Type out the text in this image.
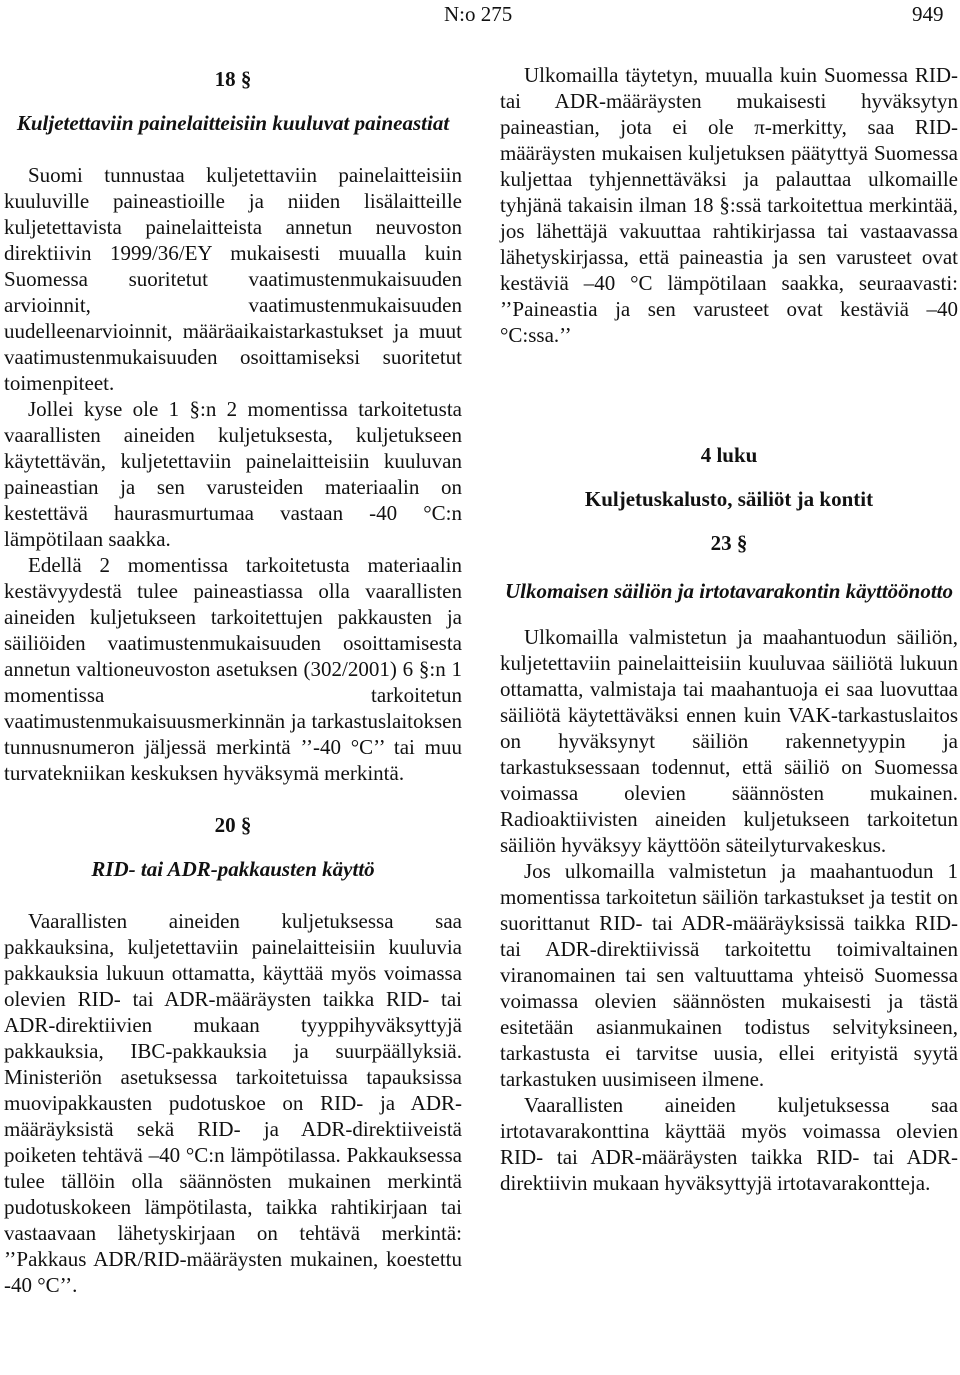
N:o 275	949
18 §
Kuljetettaviin painelaitteisiin kuuluvat paineastiat

Suomi tunnustaa kuljetettaviin painelaitteisiin kuuluville paineastioille ja niiden lisälaitteille kuljetettavista painelaitteista annetun neuvoston direktiivin 1999/36/EY mukaisesti muualla kuin Suomessa suoritetut vaatimustenmukaisuuden arvioinnit, vaatimustenmukaisuuden uudelleenarvioinnit, määräaikaistarkastukset ja muut vaatimustenmukaisuuden osoittamiseksi suoritetut toimenpiteet.

Jollei kyse ole 1 §:n 2 momentissa tarkoitetusta vaarallisten aineiden kuljetuksesta, kuljetukseen käytettävän, kuljetettaviin painelaitteisiin kuuluvan paineastian ja sen varusteiden materiaalin on kestettävä haurasmurtumaa vastaan -40 °C:n lämpötilaan saakka.

Edellä 2 momentissa tarkoitetusta materiaalin kestävyydestä tulee paineastiassa olla vaarallisten aineiden kuljetukseen tarkoitettujen pakkausten ja säiliöiden vaatimustenmukaisuuden osoittamisesta annetun valtioneuvoston asetuksen (302/2001) 6 §:n 1 momentissa tarkoitetun vaatimustenmukaisuusmerkinnän ja tarkastuslaitoksen tunnusnumeron jäljessä merkintä ’’-40 °C’’ tai muu turvatekniikan keskuksen hyväksymä merkintä.

20 §
RID- tai ADR-pakkausten käyttö

Vaarallisten aineiden kuljetuksessa saa pakkauksina, kuljetettaviin painelaitteisiin kuuluvia pakkauksia lukuun ottamatta, käyttää myös voimassa olevien RID- tai ADR-määräysten taikka RID- tai ADR-direktiivien mukaan tyyppihyväksyttyjä pakkauksia, IBC-pakkauksia ja suurpäällyksiä. Ministeriön asetuksessa tarkoitetuissa tapauksissa muovipakkausten pudotuskoe on RID- ja ADR-määräyksistä sekä RID- ja ADR-direktiiveistä poiketen tehtävä –40 °C:n lämpötilassa. Pakkauksessa tulee tällöin olla säännösten mukainen merkintä pudotuskokeen lämpötilasta, taikka rahtikirjaan tai vastaavaan lähetyskirjaan on tehtävä merkintä: ’’Pakkaus ADR/RID-määräysten mukainen, koestettu -40 °C’’.

Ulkomailla täytetyn, muualla kuin Suomessa RID- tai ADR-määräysten mukaisesti hyväksytyn paineastian, jota ei ole π-merkitty, saa RID-määräysten mukaisen kuljetuksen päätyttyä Suomessa kuljettaa tyhjennettäväksi ja palauttaa ulkomaille tyhjänä takaisin ilman 18 §:ssä tarkoitettua merkintää, jos lähettäjä vakuuttaa rahtikirjassa tai vastaavassa lähetyskirjassa, että paineastia ja sen varusteet ovat kestäviä –40 °C lämpötilaan saakka, seuraavasti: ’’Paineastia ja sen varusteet ovat kestäviä –40 °C:ssa.’’

4 luku
Kuljetuskalusto, säiliöt ja kontit
23 §
Ulkomaisen säiliön ja irtotavarakontin käyttöönotto

Ulkomailla valmistetun ja maahantuodun säiliön, kuljetettaviin painelaitteisiin kuuluvaa säiliötä lukuun ottamatta, valmistaja tai maahantuoja ei saa luovuttaa säiliötä käytettäväksi ennen kuin VAK-tarkastuslaitos on hyväksynyt säiliön rakennetyypin ja tarkastuksessaan todennut, että säiliö on Suomessa voimassa olevien säännösten mukainen. Radioaktiivisten aineiden kuljetukseen tarkoitetun säiliön hyväksyy käyttöön säteilyturvakeskus.

Jos ulkomailla valmistetun ja maahantuodun 1 momentissa tarkoitetun säiliön tarkastukset ja testit on suorittanut RID- tai ADR-määräyksissä taikka RID- tai ADR-direktiivissä tarkoitettu toimivaltainen viranomainen tai sen valtuuttama yhteisö Suomessa voimassa olevien säännösten mukaisesti ja tästä esitetään asianmukainen todistus selvityksineen, tarkastusta ei tarvitse uusia, ellei erityistä syytä tarkastuken uusimiseen ilmene.

Vaarallisten aineiden kuljetuksessa saa irtotavarakonttina käyttää myös voimassa olevien RID- tai ADR-määräysten taikka RID- tai ADR-direktiivin mukaan hyväksyttyjä irtotavarakontteja.
